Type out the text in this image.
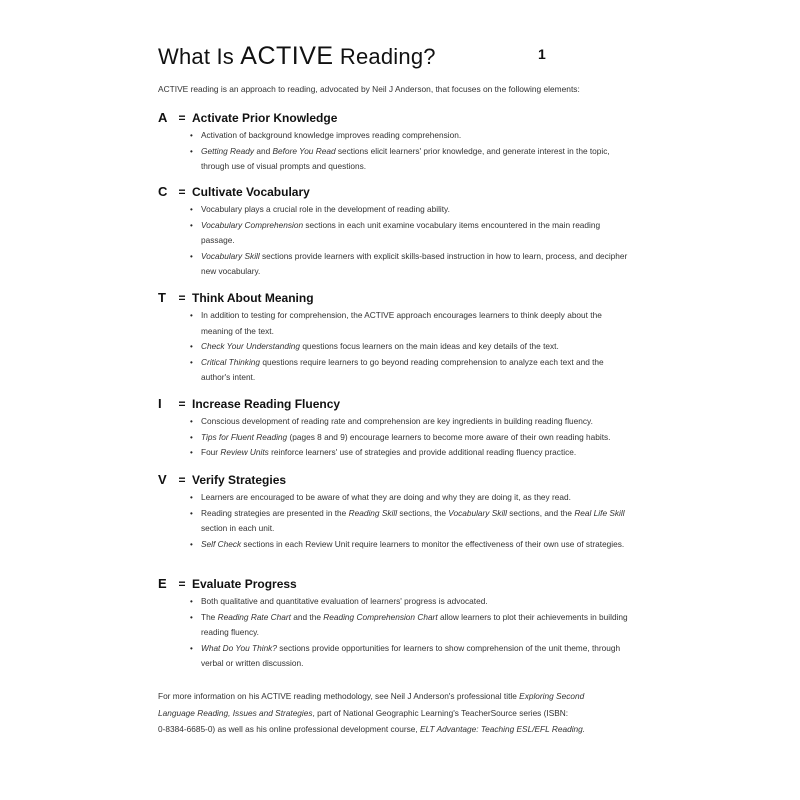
What Is ACTIVE Reading?	1
ACTIVE reading is an approach to reading, advocated by Neil J Anderson, that focuses on the following elements:
A = Activate Prior Knowledge
• Activation of background knowledge improves reading comprehension.
• Getting Ready and Before You Read sections elicit learners' prior knowledge, and generate interest in the topic, through use of visual prompts and questions.
C = Cultivate Vocabulary
• Vocabulary plays a crucial role in the development of reading ability.
• Vocabulary Comprehension sections in each unit examine vocabulary items encountered in the main reading passage.
• Vocabulary Skill sections provide learners with explicit skills-based instruction in how to learn, process, and decipher new vocabulary.
T = Think About Meaning
• In addition to testing for comprehension, the ACTIVE approach encourages learners to think deeply about the meaning of the text.
• Check Your Understanding questions focus learners on the main ideas and key details of the text.
• Critical Thinking questions require learners to go beyond reading comprehension to analyze each text and the author's intent.
I = Increase Reading Fluency
• Conscious development of reading rate and comprehension are key ingredients in building reading fluency.
• Tips for Fluent Reading (pages 8 and 9) encourage learners to become more aware of their own reading habits.
• Four Review Units reinforce learners' use of strategies and provide additional reading fluency practice.
V = Verify Strategies
• Learners are encouraged to be aware of what they are doing and why they are doing it, as they read.
• Reading strategies are presented in the Reading Skill sections, the Vocabulary Skill sections, and the Real Life Skill section in each unit.
• Self Check sections in each Review Unit require learners to monitor the effectiveness of their own use of strategies.
E = Evaluate Progress
• Both qualitative and quantitative evaluation of learners' progress is advocated.
• The Reading Rate Chart and the Reading Comprehension Chart allow learners to plot their achievements in building reading fluency.
• What Do You Think? sections provide opportunities for learners to show comprehension of the unit theme, through verbal or written discussion.
For more information on his ACTIVE reading methodology, see Neil J Anderson's professional title Exploring Second
Language Reading, Issues and Strategies, part of National Geographic Learning's TeacherSource series (ISBN:
0-8384-6685-0) as well as his online professional development course, ELT Advantage: Teaching ESL/EFL Reading.
